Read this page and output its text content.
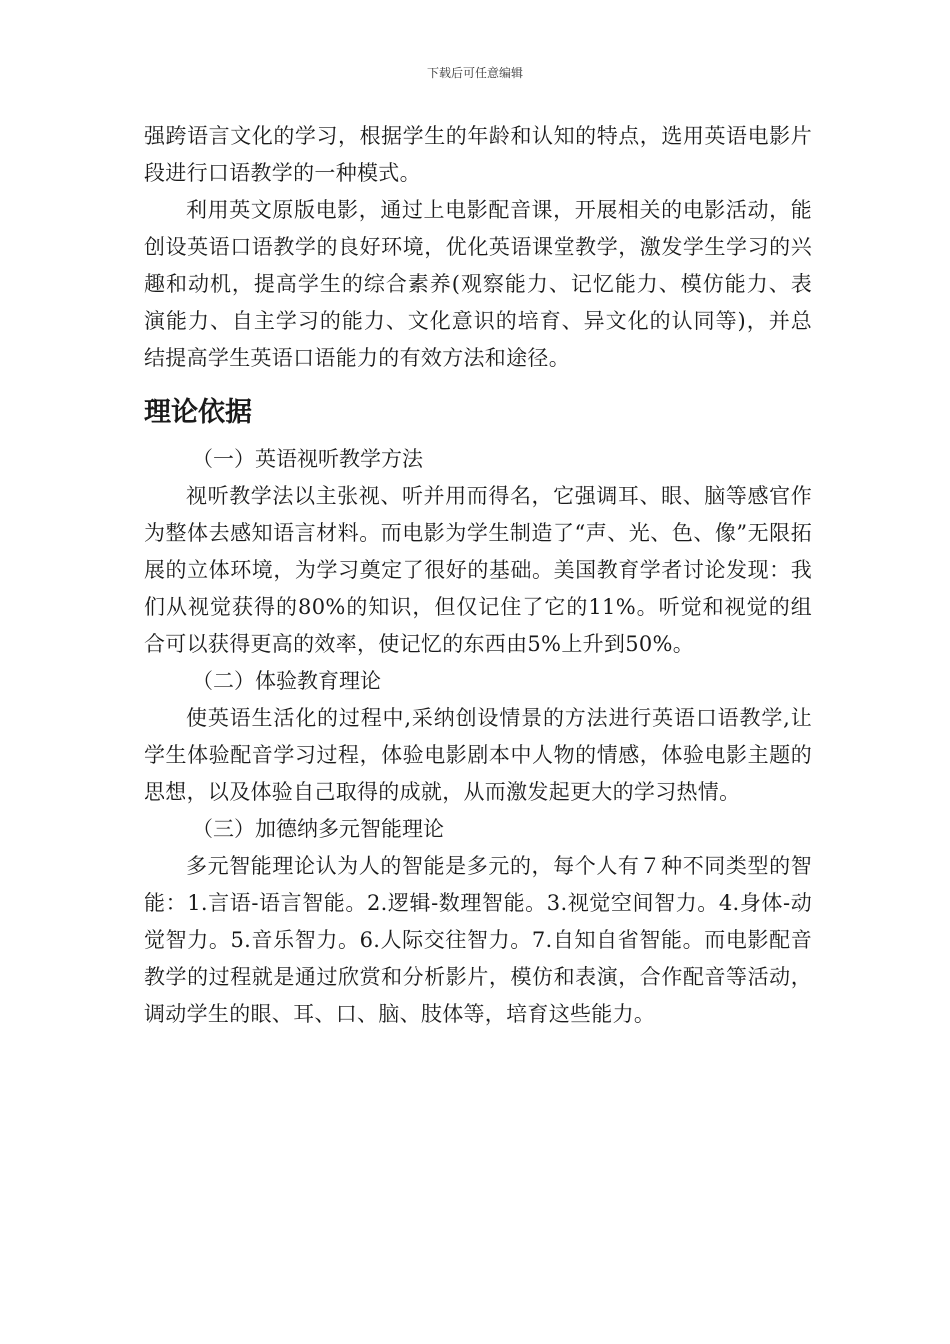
下载后可任意编辑

强跨语言文化的学习，根据学生的年龄和认知的特点，选用英语电影片段进行口语教学的一种模式。

利用英文原版电影，通过上电影配音课，开展相关的电影活动，能创设英语口语教学的良好环境，优化英语课堂教学，激发学生学习的兴趣和动机，提高学生的综合素养(观察能力、记忆能力、模仿能力、表演能力、自主学习的能力、文化意识的培育、异文化的认同等)，并总结提高学生英语口语能力的有效方法和途径。

理论依据

（一）英语视听教学方法

视听教学法以主张视、听并用而得名，它强调耳、眼、脑等感官作为整体去感知语言材料。而电影为学生制造了“声、光、色、像”无限拓展的立体环境，为学习奠定了很好的基础。美国教育学者讨论发现：我们从视觉获得的80%的知识，但仅记住了它的11%。听觉和视觉的组合可以获得更高的效率，使记忆的东西由5%上升到50%。

（二）体验教育理论

使英语生活化的过程中,采纳创设情景的方法进行英语口语教学,让学生体验配音学习过程，体验电影剧本中人物的情感，体验电影主题的思想，以及体验自己取得的成就，从而激发起更大的学习热情。

（三）加德纳多元智能理论

多元智能理论认为人的智能是多元的，每个人有７种不同类型的智能：1.言语-语言智能。2.逻辑-数理智能。3.视觉空间智力。4.身体-动觉智力。5.音乐智力。6.人际交往智力。7.自知自省智能。而电影配音教学的过程就是通过欣赏和分析影片，模仿和表演，合作配音等活动，调动学生的眼、耳、口、脑、肢体等，培育这些能力。
